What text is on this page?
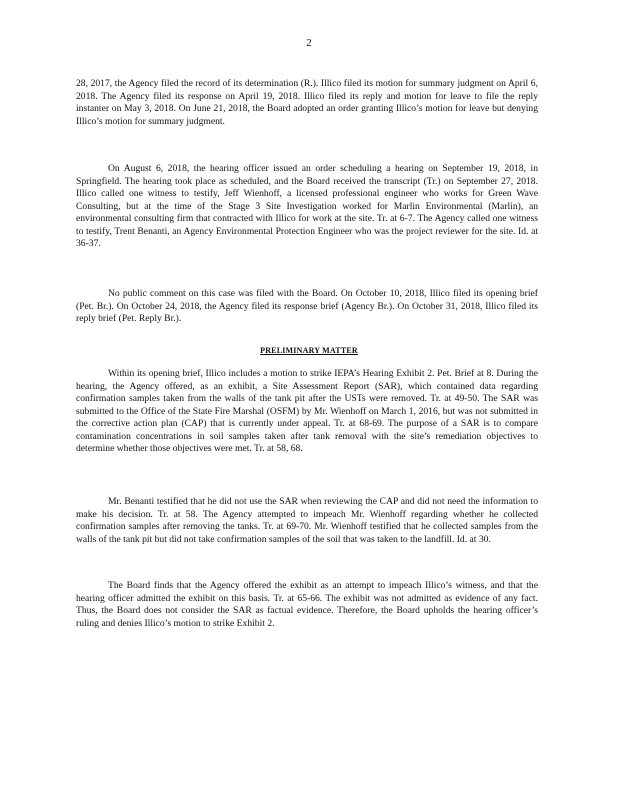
2

28, 2017, the Agency filed the record of its determination (R.). Illico filed its motion for summary judgment on April 6, 2018. The Agency filed its response on April 19, 2018. Illico filed its reply and motion for leave to file the reply instanter on May 3, 2018. On June 21, 2018, the Board adopted an order granting Illico’s motion for leave but denying Illico’s motion for summary judgment.

On August 6, 2018, the hearing officer issued an order scheduling a hearing on September 19, 2018, in Springfield. The hearing took place as scheduled, and the Board received the transcript (Tr.) on September 27, 2018. Illico called one witness to testify, Jeff Wienhoff, a licensed professional engineer who works for Green Wave Consulting, but at the time of the Stage 3 Site Investigation worked for Marlin Environmental (Marlin), an environmental consulting firm that contracted with Illico for work at the site. Tr. at 6-7. The Agency called one witness to testify, Trent Benanti, an Agency Environmental Protection Engineer who was the project reviewer for the site. Id. at 36-37.

No public comment on this case was filed with the Board. On October 10, 2018, Illico filed its opening brief (Pet. Br.). On October 24, 2018, the Agency filed its response brief (Agency Br.). On October 31, 2018, Illico filed its reply brief (Pet. Reply Br.).

PRELIMINARY MATTER

Within its opening brief, Illico includes a motion to strike IEPA’s Hearing Exhibit 2. Pet. Brief at 8. During the hearing, the Agency offered, as an exhibit, a Site Assessment Report (SAR), which contained data regarding confirmation samples taken from the walls of the tank pit after the USTs were removed. Tr. at 49-50. The SAR was submitted to the Office of the State Fire Marshal (OSFM) by Mr. Wienhoff on March 1, 2016, but was not submitted in the corrective action plan (CAP) that is currently under appeal. Tr. at 68-69. The purpose of a SAR is to compare contamination concentrations in soil samples taken after tank removal with the site’s remediation objectives to determine whether those objectives were met. Tr. at 58, 68.

Mr. Benanti testified that he did not use the SAR when reviewing the CAP and did not need the information to make his decision. Tr. at 58. The Agency attempted to impeach Mr. Wienhoff regarding whether he collected confirmation samples after removing the tanks. Tr. at 69-70. Mr. Wienhoff testified that he collected samples from the walls of the tank pit but did not take confirmation samples of the soil that was taken to the landfill. Id. at 30.

The Board finds that the Agency offered the exhibit as an attempt to impeach Illico’s witness, and that the hearing officer admitted the exhibit on this basis. Tr. at 65-66. The exhibit was not admitted as evidence of any fact. Thus, the Board does not consider the SAR as factual evidence. Therefore, the Board upholds the hearing officer’s ruling and denies Illico’s motion to strike Exhibit 2.
